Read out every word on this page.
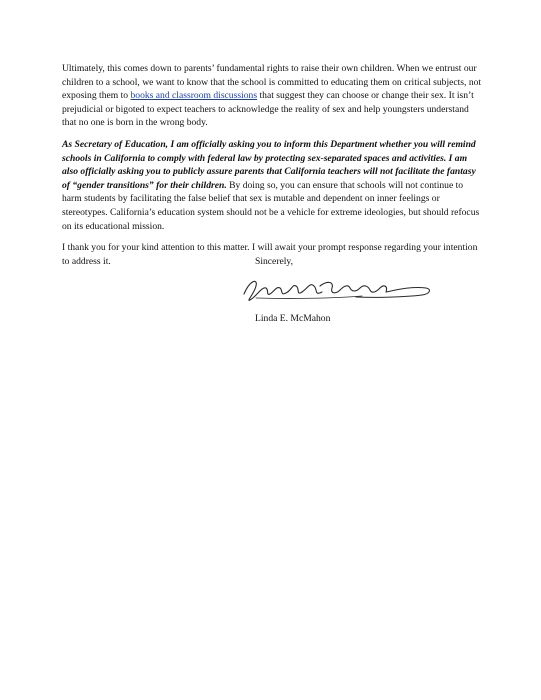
Ultimately, this comes down to parents’ fundamental rights to raise their own children. When we entrust our children to a school, we want to know that the school is committed to educating them on critical subjects, not exposing them to books and classroom discussions that suggest they can choose or change their sex. It isn’t prejudicial or bigoted to expect teachers to acknowledge the reality of sex and help youngsters understand that no one is born in the wrong body.

As Secretary of Education, I am officially asking you to inform this Department whether you will remind schools in California to comply with federal law by protecting sex-separated spaces and activities. I am also officially asking you to publicly assure parents that California teachers will not facilitate the fantasy of “gender transitions” for their children. By doing so, you can ensure that schools will not continue to harm students by facilitating the false belief that sex is mutable and dependent on inner feelings or stereotypes. California’s education system should not be a vehicle for extreme ideologies, but should refocus on its educational mission.

I thank you for your kind attention to this matter. I will await your prompt response regarding your intention to address it.	Sincerely,
Linda E. McMahon
